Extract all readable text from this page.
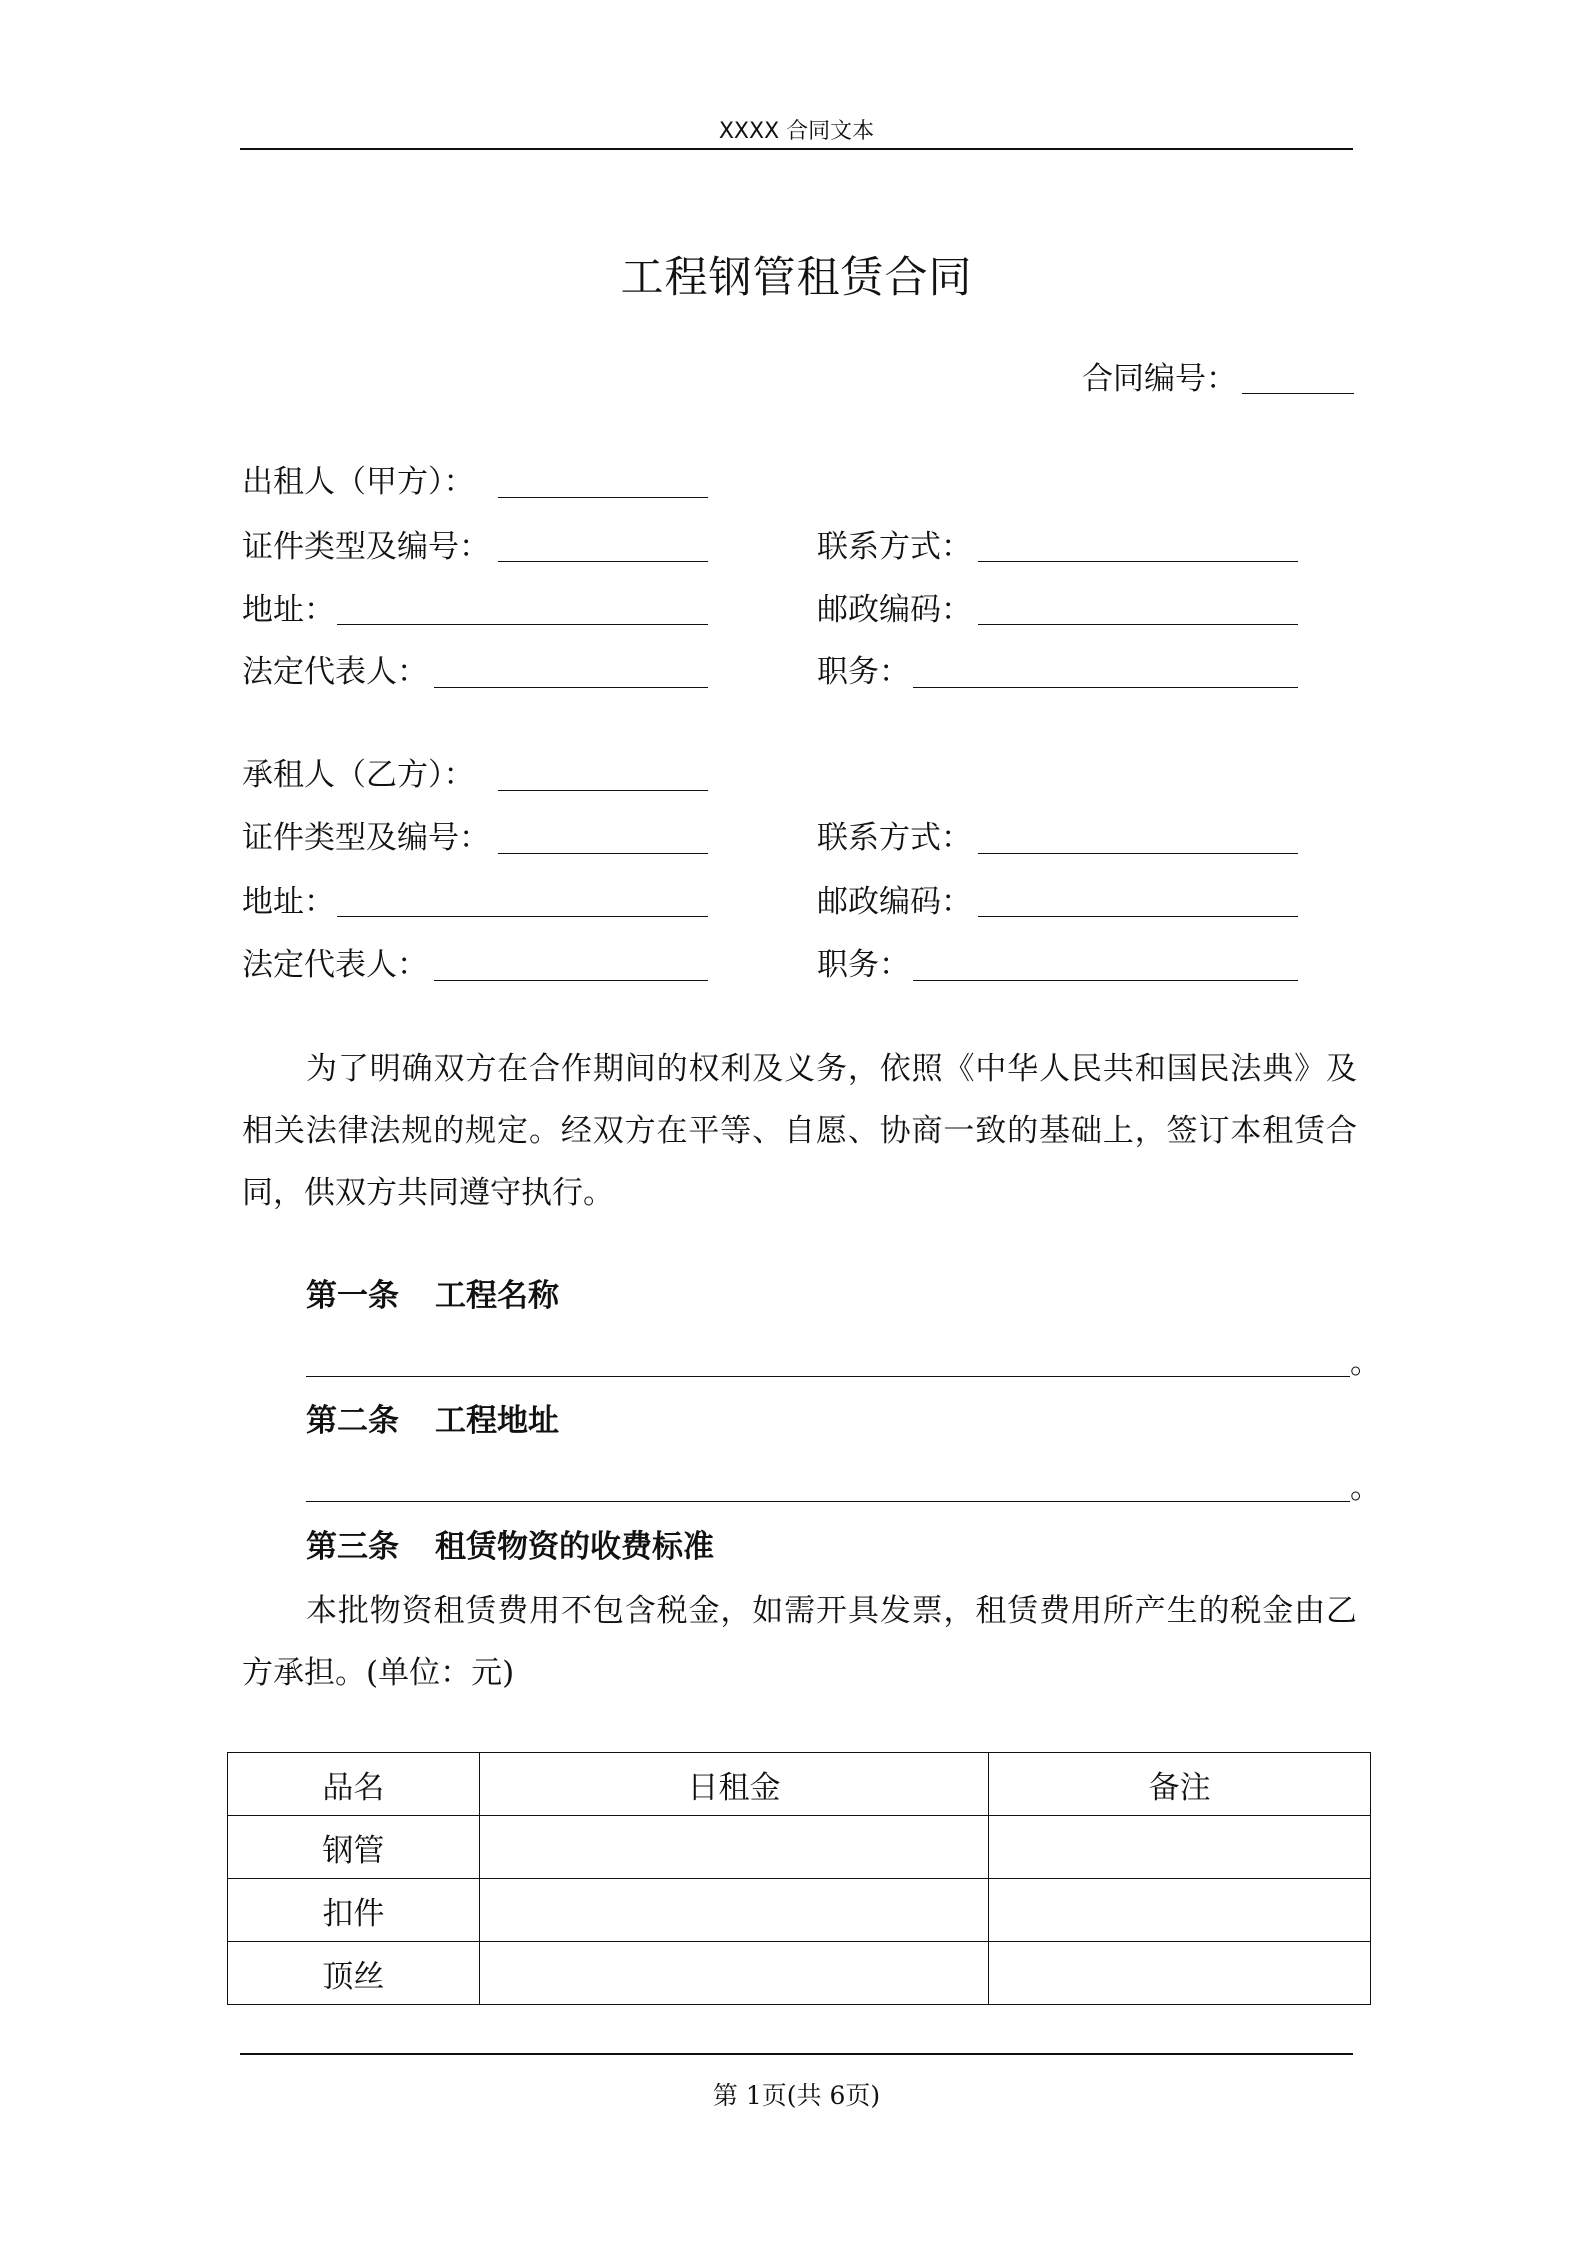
XXXX 合同文本
工程钢管租赁合同
合同编号：
出租人（甲方）：
证件类型及编号：	联系方式：
地址：	邮政编码：
法定代表人：	职务：
承租人（乙方）：
证件类型及编号：	联系方式：
地址：	邮政编码：
法定代表人：	职务：
为了明确双方在合作期间的权利及义务，依照《中华人民共和国民法典》及相关法律法规的规定。经双方在平等、自愿、协商一致的基础上，签订本租赁合同，供双方共同遵守执行。
第一条 工程名称
。
第二条 工程地址
。
第三条 租赁物资的收费标准
本批物资租赁费用不包含税金，如需开具发票，租赁费用所产生的税金由乙方承担。(单位：元)
品名	日租金	备注
钢管		
扣件		
顶丝		
第 1页(共 6页)
